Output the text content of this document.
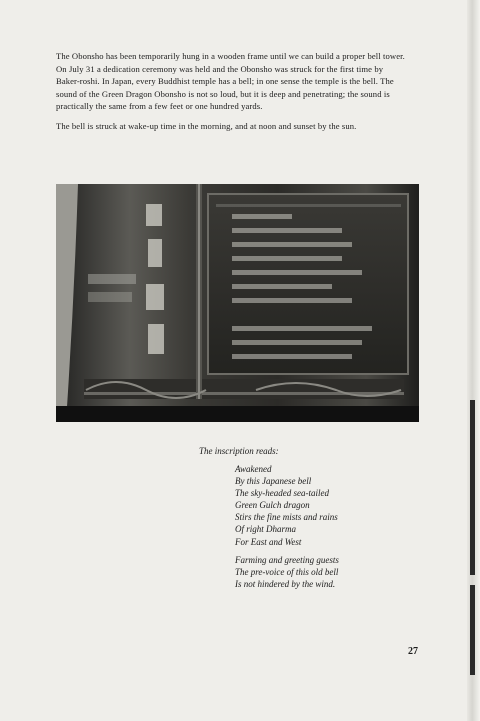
The Obonsho has been temporarily hung in a wooden frame until we can build a proper bell tower. On July 31 a dedication ceremony was held and the Obonsho was struck for the first time by Baker-roshi. In Japan, every Buddhist temple has a bell; in one sense the temple is the bell. The sound of the Green Dragon Obonsho is not so loud, but it is deep and penetrating; the sound is practically the same from a few feet or one hundred yards.

The bell is struck at wake-up time in the morning, and at noon and sunset by the sun.

The inscription reads:
Awakened
By this Japanese bell
The sky-headed sea-tailed
Green Gulch dragon
Stirs the fine mists and rains
Of right Dharma
For East and West
Farming and greeting guests
The pre-voice of this old bell
Is not hindered by the wind.
27
